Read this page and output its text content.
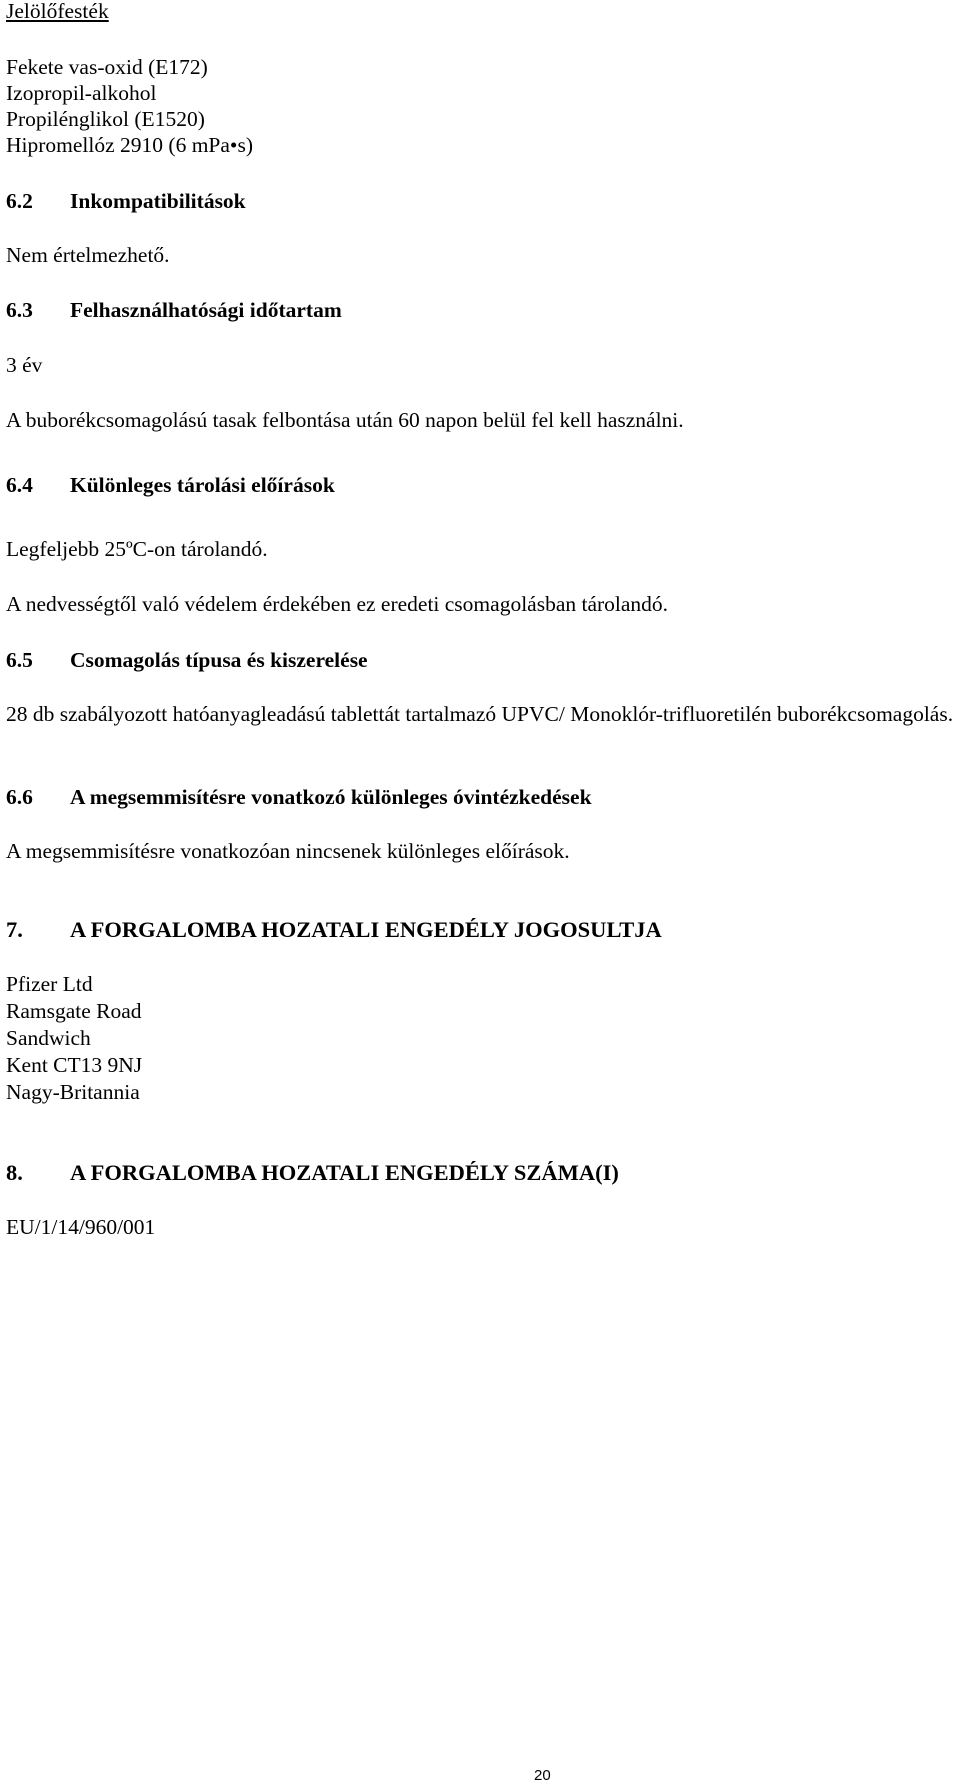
Jelölőfesték

Fekete vas-oxid (E172)

Izopropil-alkohol

Propilénglikol (E1520)

Hipromellóz 2910 (6 mPa•s)

6.2 Inkompatibilitások

Nem értelmezhető.

6.3 Felhasználhatósági időtartam

3 év

A buborékcsomagolású tasak felbontása után 60 napon belül fel kell használni.

6.4 Különleges tárolási előírások

Legfeljebb 25ºC-on tárolandó.

A nedvességtől való védelem érdekében ez eredeti csomagolásban tárolandó.

6.5 Csomagolás típusa és kiszerelése

28 db szabályozott hatóanyagleadású tablettát tartalmazó UPVC/ Monoklór-trifluoretilén buborékcsomagolás.

6.6 A megsemmisítésre vonatkozó különleges óvintézkedések

A megsemmisítésre vonatkozóan nincsenek különleges előírások.

7. A FORGALOMBA HOZATALI ENGEDÉLY JOGOSULTJA

Pfizer Ltd

Ramsgate Road

Sandwich

Kent CT13 9NJ

Nagy-Britannia

8. A FORGALOMBA HOZATALI ENGEDÉLY SZÁMA(I)

EU/1/14/960/001

20
